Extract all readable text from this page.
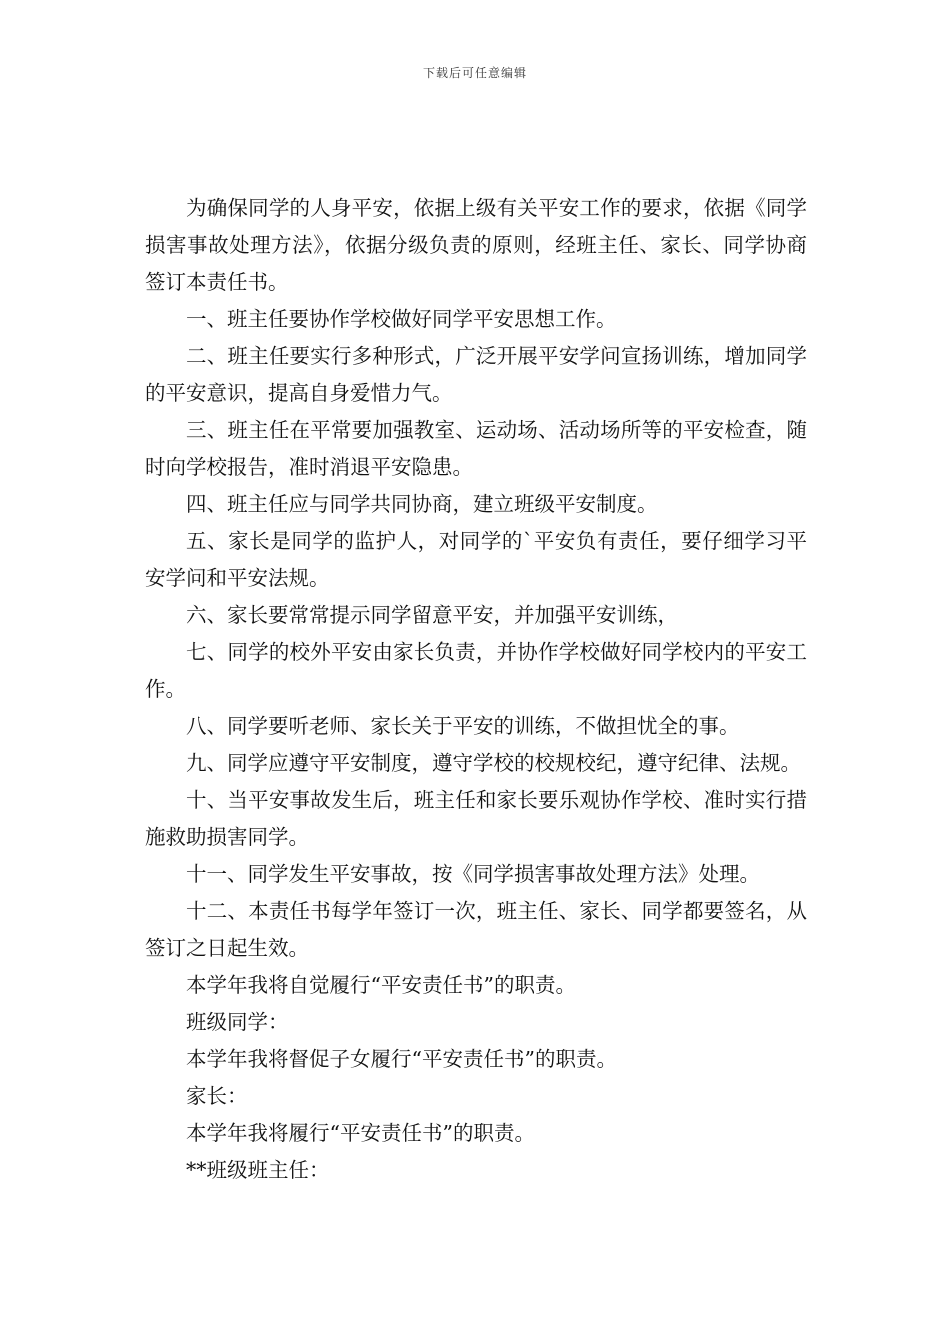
下载后可任意编辑

为确保同学的人身平安，依据上级有关平安工作的要求，依据《同学损害事故处理方法》，依据分级负责的原则，经班主任、家长、同学协商签订本责任书。

一、班主任要协作学校做好同学平安思想工作。

二、班主任要实行多种形式，广泛开展平安学问宣扬训练，增加同学的平安意识，提高自身爱惜力气。

三、班主任在平常要加强教室、运动场、活动场所等的平安检查，随时向学校报告，准时消退平安隐患。

四、班主任应与同学共同协商，建立班级平安制度。

五、家长是同学的监护人，对同学的`平安负有责任，要仔细学习平安学问和平安法规。

六、家长要常常提示同学留意平安，并加强平安训练，

七、同学的校外平安由家长负责，并协作学校做好同学校内的平安工作。

八、同学要听老师、家长关于平安的训练，不做担忧全的事。

九、同学应遵守平安制度，遵守学校的校规校纪，遵守纪律、法规。

十、当平安事故发生后，班主任和家长要乐观协作学校、准时实行措施救助损害同学。

十一、同学发生平安事故，按《同学损害事故处理方法》处理。

十二、本责任书每学年签订一次，班主任、家长、同学都要签名，从签订之日起生效。

本学年我将自觉履行“平安责任书”的职责。

班级同学：

本学年我将督促子女履行“平安责任书”的职责。

家长：

本学年我将履行“平安责任书”的职责。

**班级班主任：
